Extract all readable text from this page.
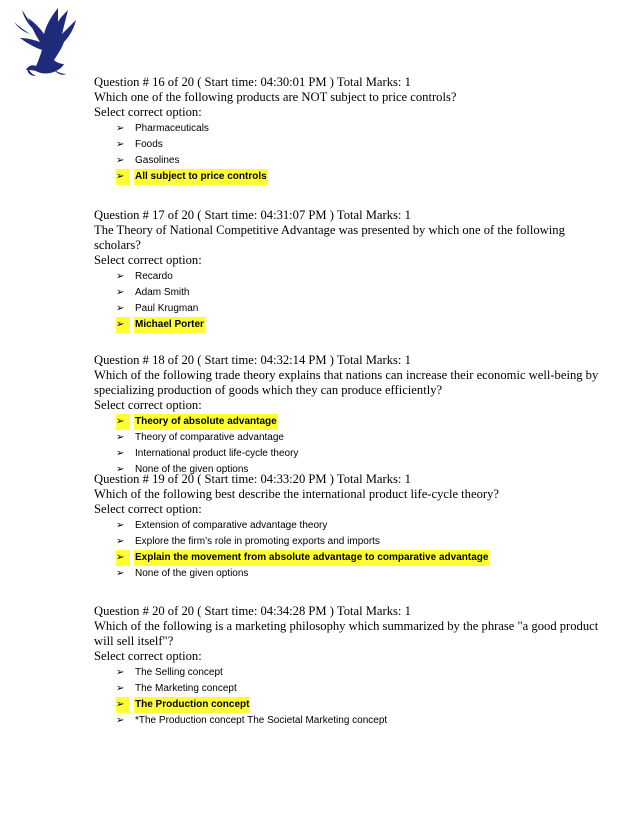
Question # 16 of 20 ( Start time: 04:30:01 PM ) Total Marks: 1

Which one of the following products are NOT subject to price controls?

Select correct option:

➢	Pharmaceuticals
➢	Foods
➢	Gasolines
➢	All subject to price controls

Question # 17 of 20 ( Start time: 04:31:07 PM ) Total Marks: 1

The Theory of National Competitive Advantage was presented by which one of the following scholars?

Select correct option:

➢	Recardo
➢	Adam Smith
➢	Paul Krugman
➢	Michael Porter

Question # 18 of 20 ( Start time: 04:32:14 PM ) Total Marks: 1

Which of the following trade theory explains that nations can increase their economic well-being by specializing production of goods which they can produce efficiently?

Select correct option:

➢	Theory of absolute advantage
➢	Theory of comparative advantage
➢	International product life-cycle theory
➢	None of the given options

Question # 19 of 20 ( Start time: 04:33:20 PM ) Total Marks: 1

Which of the following best describe the international product life-cycle theory?

Select correct option:

➢	Extension of comparative advantage theory
➢	Explore the firm’s role in promoting exports and imports
➢	Explain the movement from absolute advantage to comparative advantage
➢	None of the given options

Question # 20 of 20 ( Start time: 04:34:28 PM ) Total Marks: 1

Which of the following is a marketing philosophy which summarized by the phrase "a good product will sell itself"?

Select correct option:

➢	The Selling concept
➢	The Marketing concept
➢	The Production concept
➢	*The Production concept The Societal Marketing concept
